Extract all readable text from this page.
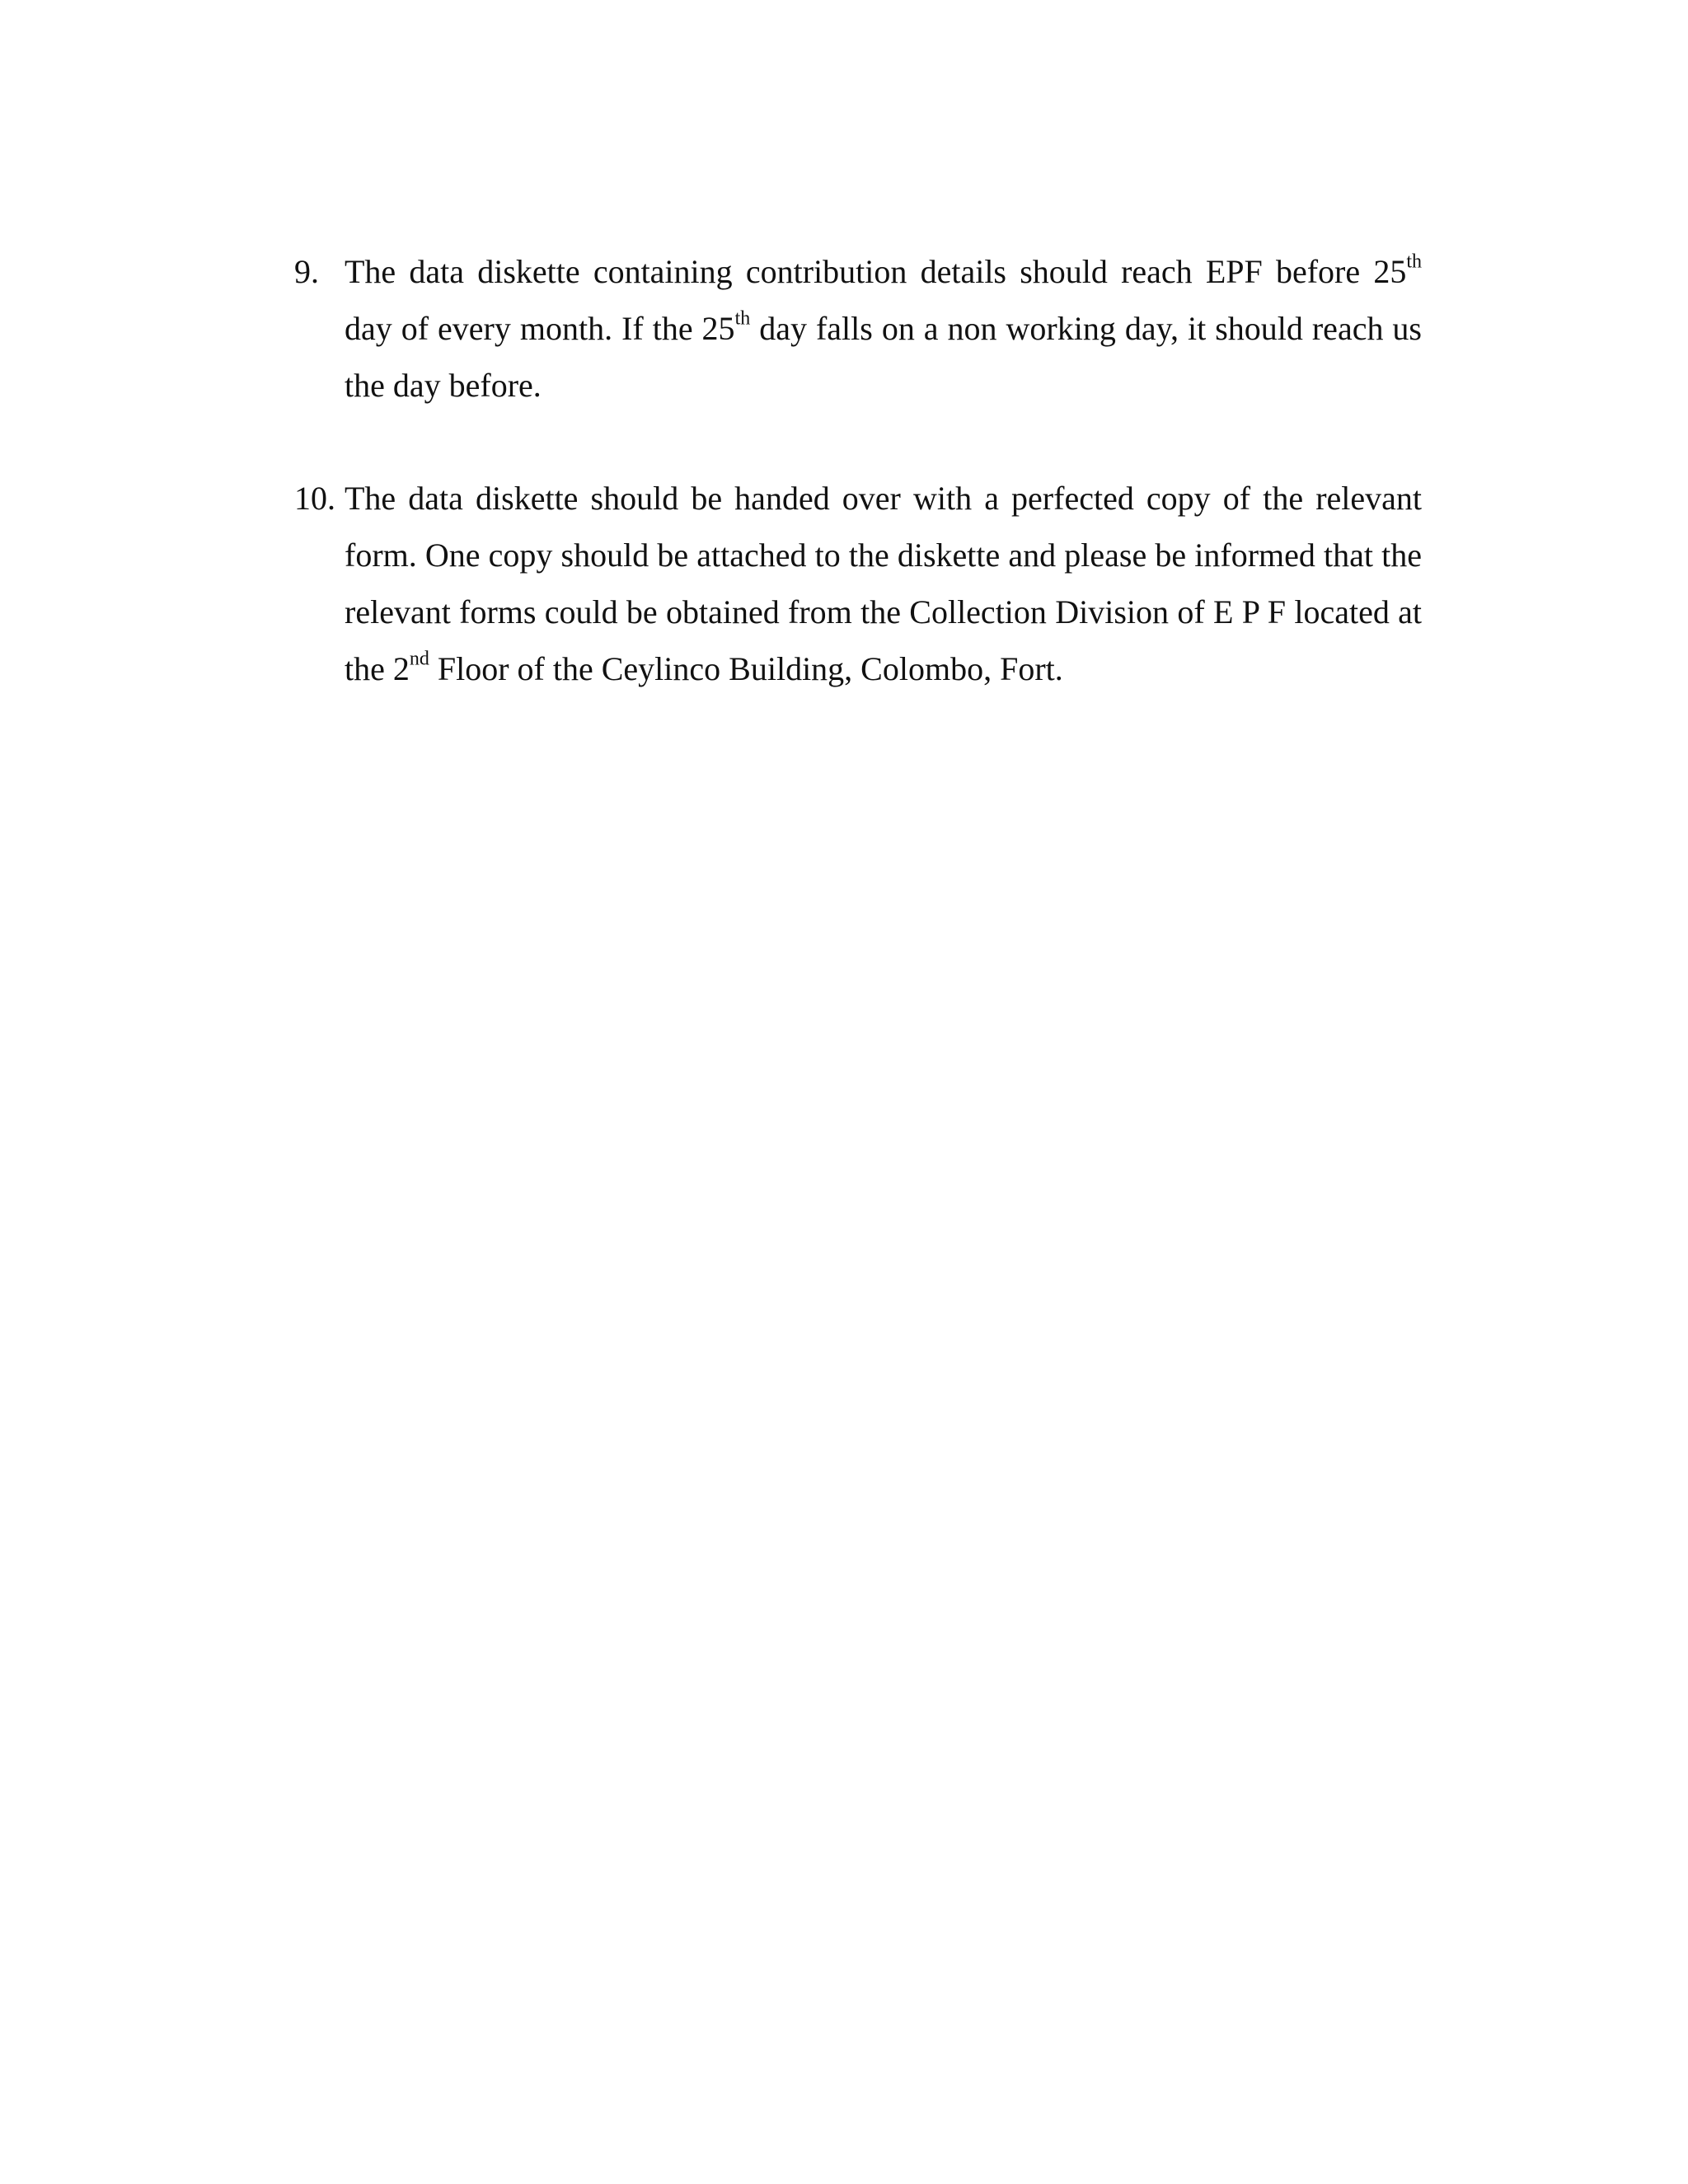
9. The data diskette containing contribution details should reach EPF before 25th day of every month. If the 25th day falls on a non working day, it should reach us the day before.
10. The data diskette should be handed over with a perfected copy of the relevant form. One copy should be attached to the diskette and please be informed that the relevant forms could be obtained from the Collection Division of E P F located at the 2nd Floor of the Ceylinco Building, Colombo, Fort.
